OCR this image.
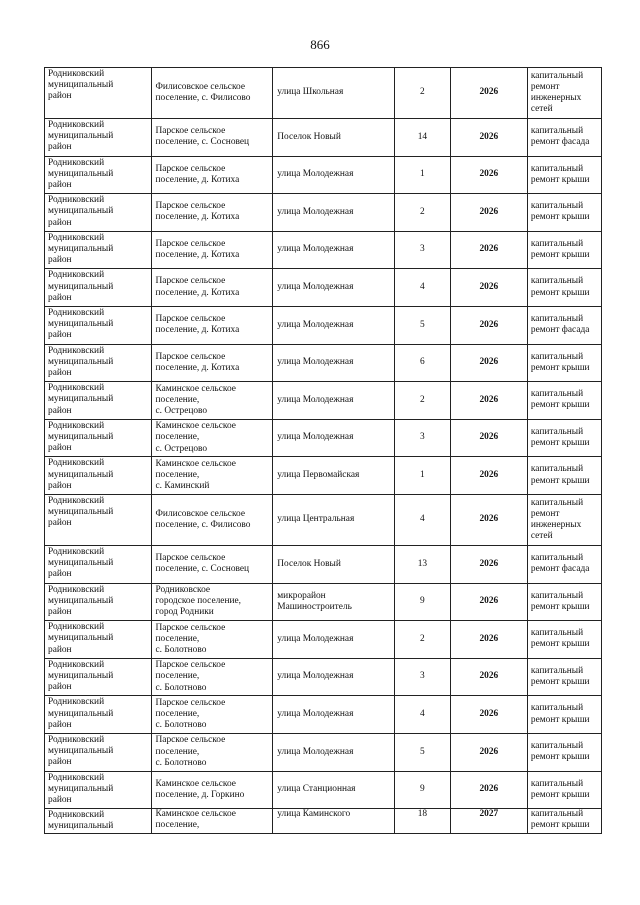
866
Родниковский
муниципальный
район	Филисовское сельское
поселение, с. Филисово	улица Школьная	2	2026	капитальный
ремонт
инженерных
сетей
Родниковский
муниципальный
район	Парское сельское
поселение, с. Сосновец	Поселок Новый	14	2026	капитальный
ремонт фасада
Родниковский
муниципальный
район	Парское сельское
поселение, д. Котиха	улица Молодежная	1	2026	капитальный
ремонт крыши
Родниковский
муниципальный
район	Парское сельское
поселение, д. Котиха	улица Молодежная	2	2026	капитальный
ремонт крыши
Родниковский
муниципальный
район	Парское сельское
поселение, д. Котиха	улица Молодежная	3	2026	капитальный
ремонт крыши
Родниковский
муниципальный
район	Парское сельское
поселение, д. Котиха	улица Молодежная	4	2026	капитальный
ремонт крыши
Родниковский
муниципальный
район	Парское сельское
поселение, д. Котиха	улица Молодежная	5	2026	капитальный
ремонт фасада
Родниковский
муниципальный
район	Парское сельское
поселение, д. Котиха	улица Молодежная	6	2026	капитальный
ремонт крыши
Родниковский
муниципальный
район	Каминское сельское
поселение,
с. Острецово	улица Молодежная	2	2026	капитальный
ремонт крыши
Родниковский
муниципальный
район	Каминское сельское
поселение,
с. Острецово	улица Молодежная	3	2026	капитальный
ремонт крыши
Родниковский
муниципальный
район	Каминское сельское
поселение,
с. Каминский	улица Первомайская	1	2026	капитальный
ремонт крыши
Родниковский
муниципальный
район	Филисовское сельское
поселение, с. Филисово	улица Центральная	4	2026	капитальный
ремонт
инженерных
сетей
Родниковский
муниципальный
район	Парское сельское
поселение, с. Сосновец	Поселок Новый	13	2026	капитальный
ремонт фасада
Родниковский
муниципальный
район	Родниковское
городское поселение,
город Родники	микрорайон
Машиностроитель	9	2026	капитальный
ремонт крыши
Родниковский
муниципальный
район	Парское сельское
поселение,
с. Болотново	улица Молодежная	2	2026	капитальный
ремонт крыши
Родниковский
муниципальный
район	Парское сельское
поселение,
с. Болотново	улица Молодежная	3	2026	капитальный
ремонт крыши
Родниковский
муниципальный
район	Парское сельское
поселение,
с. Болотново	улица Молодежная	4	2026	капитальный
ремонт крыши
Родниковский
муниципальный
район	Парское сельское
поселение,
с. Болотново	улица Молодежная	5	2026	капитальный
ремонт крыши
Родниковский
муниципальный
район	Каминское сельское
поселение, д. Горкино	улица Станционная	9	2026	капитальный
ремонт крыши
Родниковский
муниципальный	Каминское сельское
поселение,	улица Каминского	18	2027	капитальный
ремонт крыши
